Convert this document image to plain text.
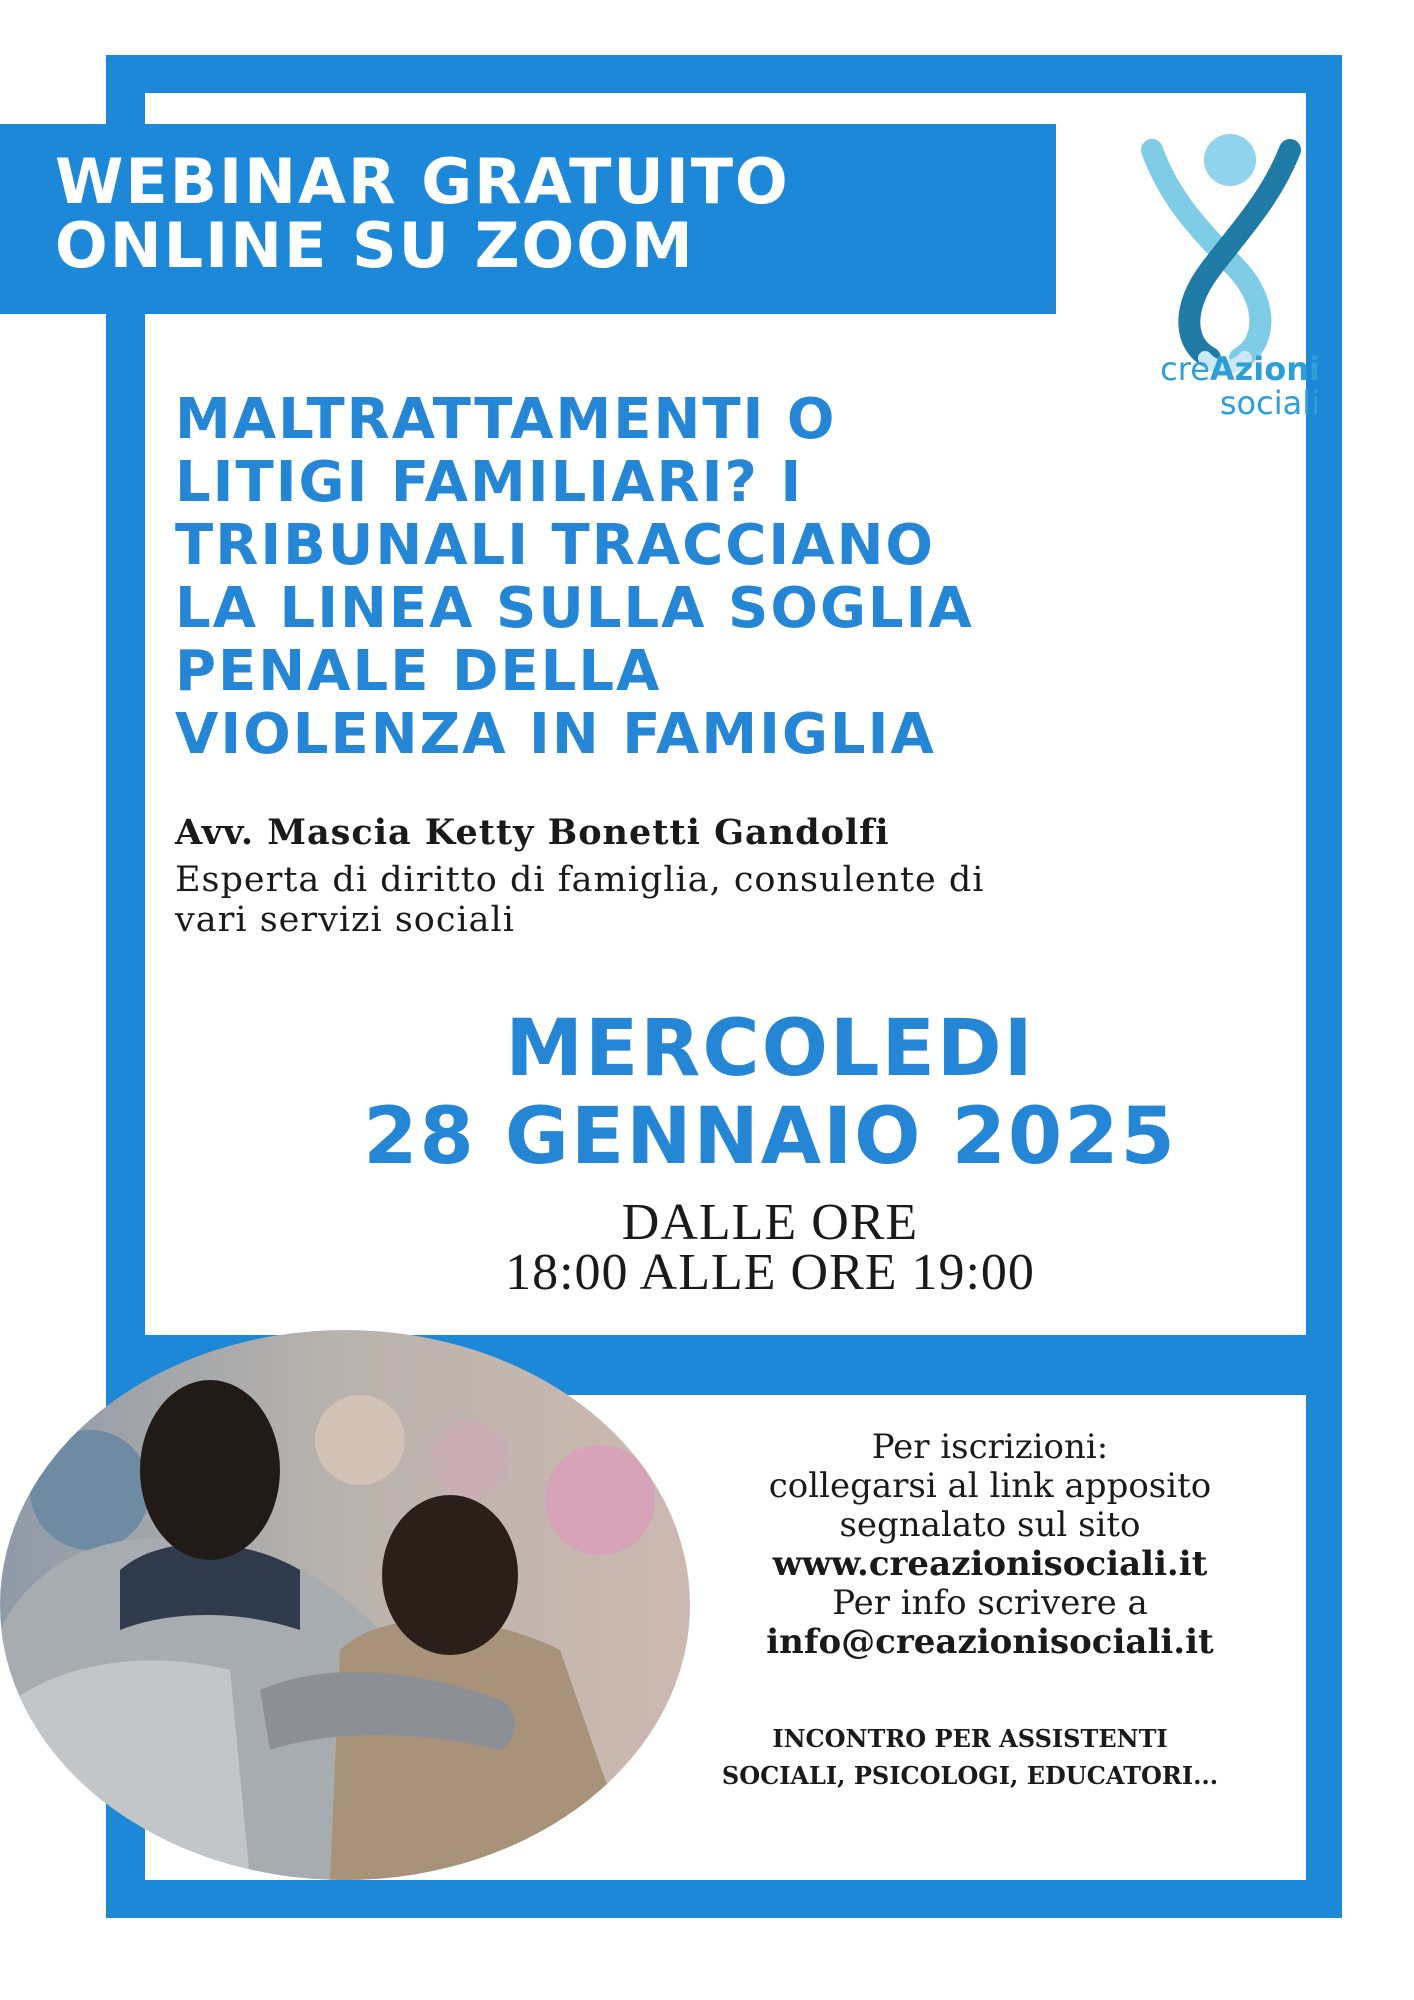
WEBINAR GRATUITO
ONLINE SU ZOOM
creAzioni
sociali
MALTRATTAMENTI O
LITIGI FAMILIARI? I
TRIBUNALI TRACCIANO
LA LINEA SULLA SOGLIA
PENALE DELLA
VIOLENZA IN FAMIGLIA
Avv. Mascia Ketty Bonetti Gandolfi
Esperta di diritto di famiglia, consulente di
vari servizi sociali
MERCOLEDI
28 GENNAIO 2025
DALLE ORE
18:00 ALLE ORE 19:00
Per iscrizioni:
collegarsi al link apposito
segnalato sul sito
www.creazionisociali.it
Per info scrivere a
info@creazionisociali.it
INCONTRO PER ASSISTENTI
SOCIALI, PSICOLOGI, EDUCATORI...
